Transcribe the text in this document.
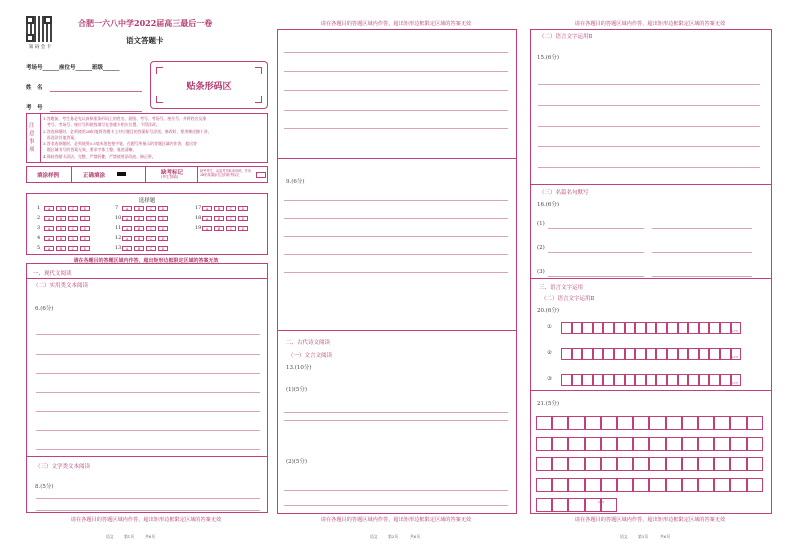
知 码 会 卡
合肥一六八中学2022届高三最后一卷
语文答题卡
考场号______座位号______班级______
姓　名
考　号
贴条形码区
注意事项
1.答题前，考生务必先认真核准条形码上的姓名、班级、考号、考场号、座位号、并将姓名及准
　考号、考场号、座位号和班级填写在答题卡相应位置，不得涂改。
2.答选择题时，必须使用2B铅笔将答题卡上对应题目的答案标号涂黑，修改时，要用橡皮擦干净，
　再选涂其他答案。
3.答非选择题时，必须使用0.5毫米黑色签字笔，在题号所指示的答题区域内作答，超出答
　题区域书写的答案无效，要求字体工整、笔迹清晰。
4.保持答题卡清洁、完整，严禁折叠，严禁使用涂改液、修正带。
填涂样例	正确填涂	缺考标记
(考生禁填)
缺考考生，由监考员贴条形码，并用2B铅笔填涂右边的缺考标记
选择题
1	A	B	C	D
2	A	B	C	D
3	A	B	C	D
4	A	B	C	D
5	A	B	C	D
7	A	B	C	D
10	A	B	C	D
11	A	B	C	D
12	A	B	C	D
13	A	B	C	D
17	A	B	C	D
18	A	B	C	D
19	A	B	C	D
请在各题目的答题区域内作答，超出矩形边框限定区域的答案无效
一、现代文阅读
（二）实用类文本阅读
6.(6分)
（三）文学类文本阅读
8.(5分)
请在各题目的答题区域内作答，超出矩形边框限定区域的答案无效
请在各题目的答题区域内作答，超出矩形边框限定区域的答案无效
9.(6分)
二、古代诗文阅读
（一）文言文阅读
13.(10分)
(1)(5分)
(2)(5分)
请在各题目的答题区域内作答，超出矩形边框限定区域的答案无效
请在各题目的答题区域内作答，超出矩形边框限定区域的答案无效
（二）语言文字运用Ⅱ
15.(6分)
（三）名篇名句默写
16.(6分)
(1)
(2)
(3)
三、语言文字运用
（二）语言文字运用Ⅱ
20.(6分)
①
②
③
21.(5分)
(17)
(17)
(17)
(57)
请在各题目的答题区域内作答，超出矩形边框限定区域的答案无效
语文	第1页	共6页	语文	第2页	共6页	语文	第3页	共6页
